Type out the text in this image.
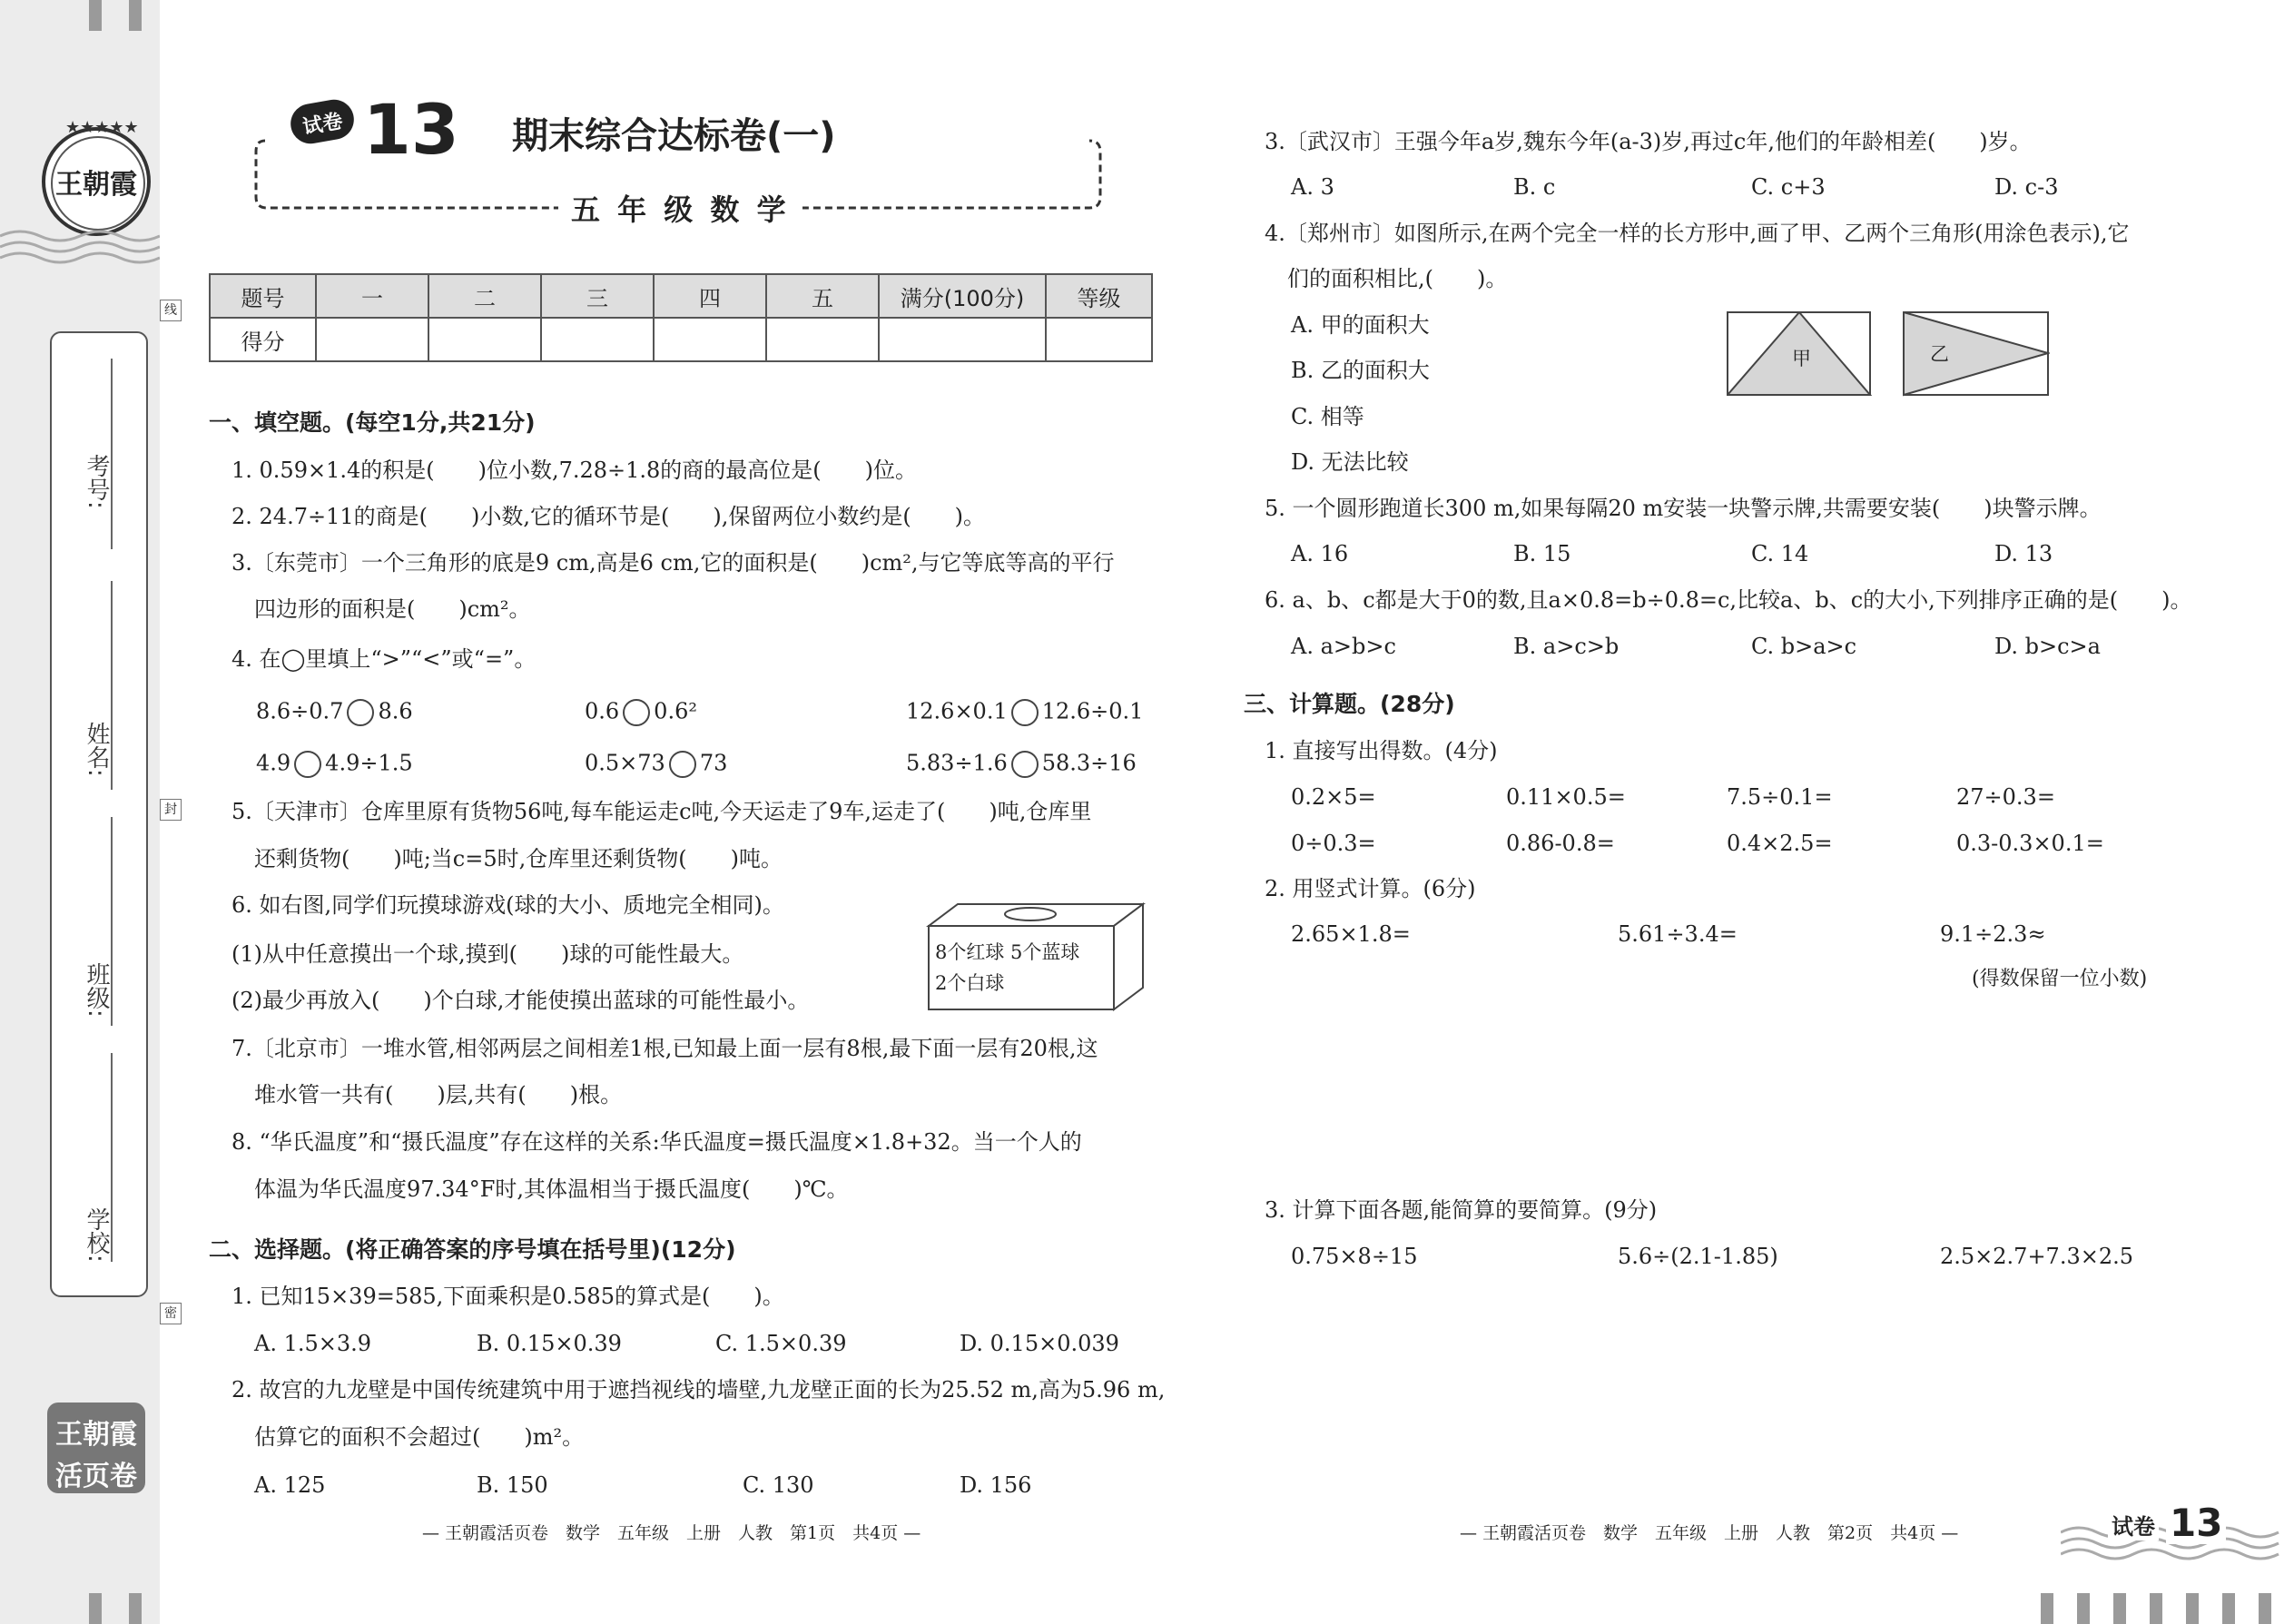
王朝霞
★★★★★
考号:
姓名:
班级:
学校:
线
封
密
王朝霞
活页卷
试卷 13	期末综合达标卷(一)
五 年 级 数 学
题号	一	二	三	四	五	满分(100分)	等级
得分							
一、填空题。(每空1分,共21分)
1. 0.59×1.4的积是(　　)位小数,7.28÷1.8的商的最高位是(　　)位。
2. 24.7÷11的商是(　　)小数,它的循环节是(　　),保留两位小数约是(　　)。
3.〔东莞市〕一个三角形的底是9 cm,高是6 cm,它的面积是(　　)cm²,与它等底等高的平行
四边形的面积是(　　)cm²。
4. 在◯里填上“>”“<”或“=”。
8.6÷0.7 8.6	0.6 0.6²	12.6×0.1 12.6÷0.1
4.9 4.9÷1.5	0.5×73 73	5.83÷1.6 58.3÷16
5.〔天津市〕仓库里原有货物56吨,每车能运走c吨,今天运走了9车,运走了(　　)吨,仓库里
还剩货物(　　)吨;当c=5时,仓库里还剩货物(　　)吨。
6. 如右图,同学们玩摸球游戏(球的大小、质地完全相同)。
(1)从中任意摸出一个球,摸到(　　)球的可能性最大。
(2)最少再放入(　　)个白球,才能使摸出蓝球的可能性最小。
8个红球 5个蓝球
2个白球
7.〔北京市〕一堆水管,相邻两层之间相差1根,已知最上面一层有8根,最下面一层有20根,这
堆水管一共有(　　)层,共有(　　)根。
8. “华氏温度”和“摄氏温度”存在这样的关系:华氏温度=摄氏温度×1.8+32。当一个人的
体温为华氏温度97.34°F时,其体温相当于摄氏温度(　　)℃。
二、选择题。(将正确答案的序号填在括号里)(12分)
1. 已知15×39=585,下面乘积是0.585的算式是(　　)。
A. 1.5×3.9	B. 0.15×0.39	C. 1.5×0.39	D. 0.15×0.039
2. 故宫的九龙壁是中国传统建筑中用于遮挡视线的墙壁,九龙壁正面的长为25.52 m,高为5.96 m,
估算它的面积不会超过(　　)m²。
A. 125	B. 150	C. 130	D. 156
— 王朝霞活页卷　数学　五年级　上册　人教　第1页　共4页 —
3.〔武汉市〕王强今年a岁,魏东今年(a-3)岁,再过c年,他们的年龄相差(　　)岁。
A. 3	B. c	C. c+3	D. c-3
4.〔郑州市〕如图所示,在两个完全一样的长方形中,画了甲、乙两个三角形(用涂色表示),它
们的面积相比,(　　)。
A. 甲的面积大
B. 乙的面积大
C. 相等
D. 无法比较
甲	乙
5. 一个圆形跑道长300 m,如果每隔20 m安装一块警示牌,共需要安装(　　)块警示牌。
A. 16	B. 15	C. 14	D. 13
6. a、b、c都是大于0的数,且a×0.8=b÷0.8=c,比较a、b、c的大小,下列排序正确的是(　　)。
A. a>b>c	B. a>c>b	C. b>a>c	D. b>c>a
三、计算题。(28分)
1. 直接写出得数。(4分)
0.2×5=	0.11×0.5=	7.5÷0.1=	27÷0.3=
0÷0.3=	0.86-0.8=	0.4×2.5=	0.3-0.3×0.1=
2. 用竖式计算。(6分)
2.65×1.8=	5.61÷3.4=	9.1÷2.3≈
(得数保留一位小数)
3. 计算下面各题,能简算的要简算。(9分)
0.75×8÷15	5.6÷(2.1-1.85)	2.5×2.7+7.3×2.5
— 王朝霞活页卷　数学　五年级　上册　人教　第2页　共4页 —	试卷 13
